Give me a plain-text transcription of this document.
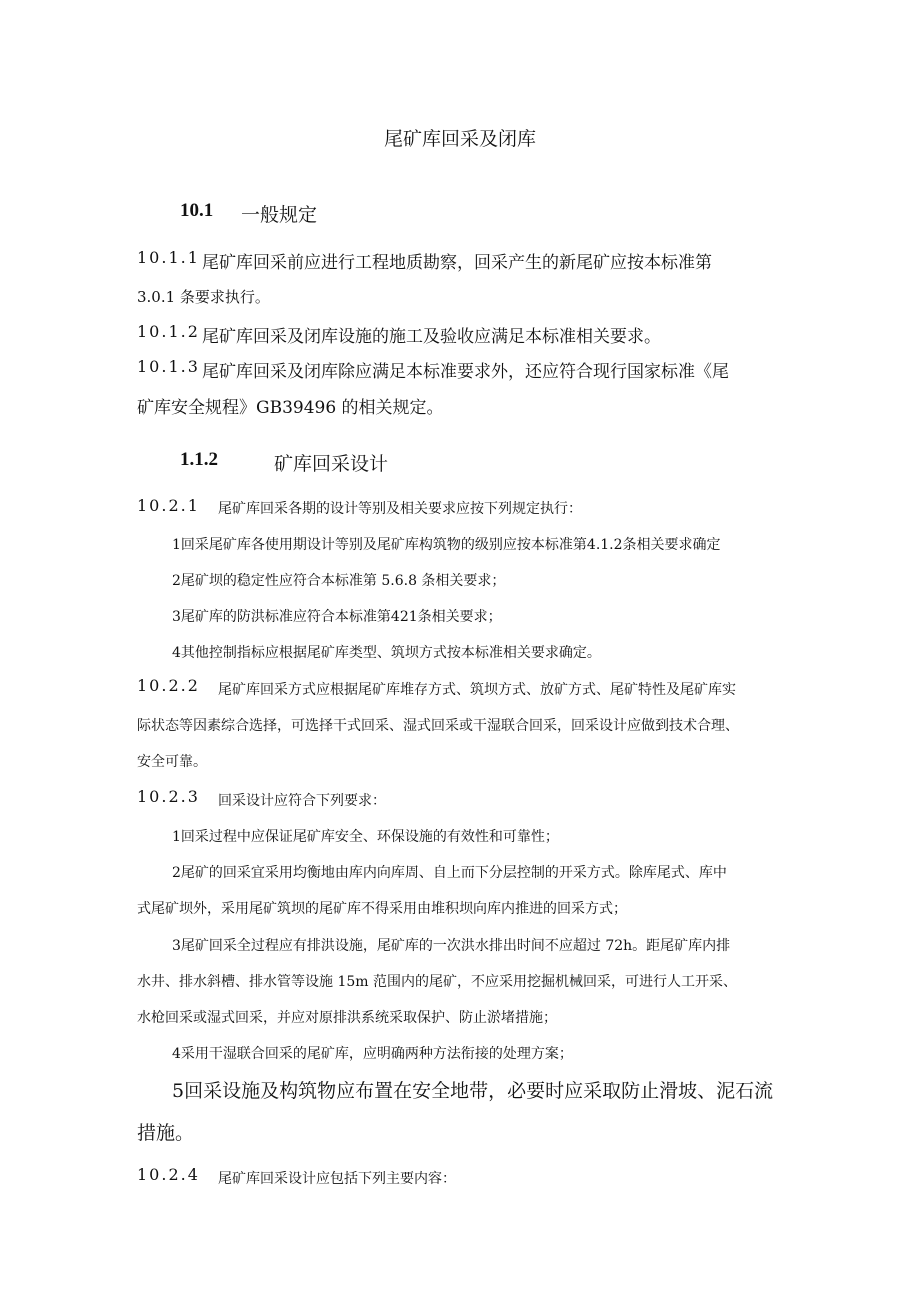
尾矿库回采及闭库
10.1 一般规定
10.1.1 尾矿库回采前应进行工程地质勘察，回采产生的新尾矿应按本标准第
3.0.1 条要求执行。
10.1.2 尾矿库回采及闭库设施的施工及验收应满足本标准相关要求。
10.1.3 尾矿库回采及闭库除应满足本标准要求外，还应符合现行国家标准《尾
矿库安全规程》GB39496 的相关规定。
1.1.2	矿库回采设计
10.2.1 尾矿库回采各期的设计等别及相关要求应按下列规定执行：
1回采尾矿库各使用期设计等别及尾矿库构筑物的级别应按本标准第4.1.2条相关要求确定
2尾矿坝的稳定性应符合本标准第 5.6.8 条相关要求；
3尾矿库的防洪标准应符合本标准第421条相关要求；
4其他控制指标应根据尾矿库类型、筑坝方式按本标准相关要求确定。
10.2.2 尾矿库回采方式应根据尾矿库堆存方式、筑坝方式、放矿方式、尾矿特性及尾矿库实
际状态等因素综合选择，可选择干式回采、湿式回采或干湿联合回采，回采设计应做到技术合理、
安全可靠。
10.2.3 回采设计应符合下列要求：
1回采过程中应保证尾矿库安全、环保设施的有效性和可靠性；
2尾矿的回采宜采用均衡地由库内向库周、自上而下分层控制的开采方式。除库尾式、库中
式尾矿坝外，采用尾矿筑坝的尾矿库不得采用由堆积坝向库内推进的回采方式；
3尾矿回采全过程应有排洪设施，尾矿库的一次洪水排出时间不应超过 72h。距尾矿库内排
水井、排水斜槽、排水管等设施 15m 范围内的尾矿，不应采用挖掘机械回采，可进行人工开采、
水枪回采或湿式回采，并应对原排洪系统采取保护、防止淤堵措施；
4采用干湿联合回采的尾矿库，应明确两种方法衔接的处理方案；
5回采设施及构筑物应布置在安全地带，必要时应采取防止滑坡、泥石流
措施。
10.2.4 尾矿库回采设计应包括下列主要内容：
